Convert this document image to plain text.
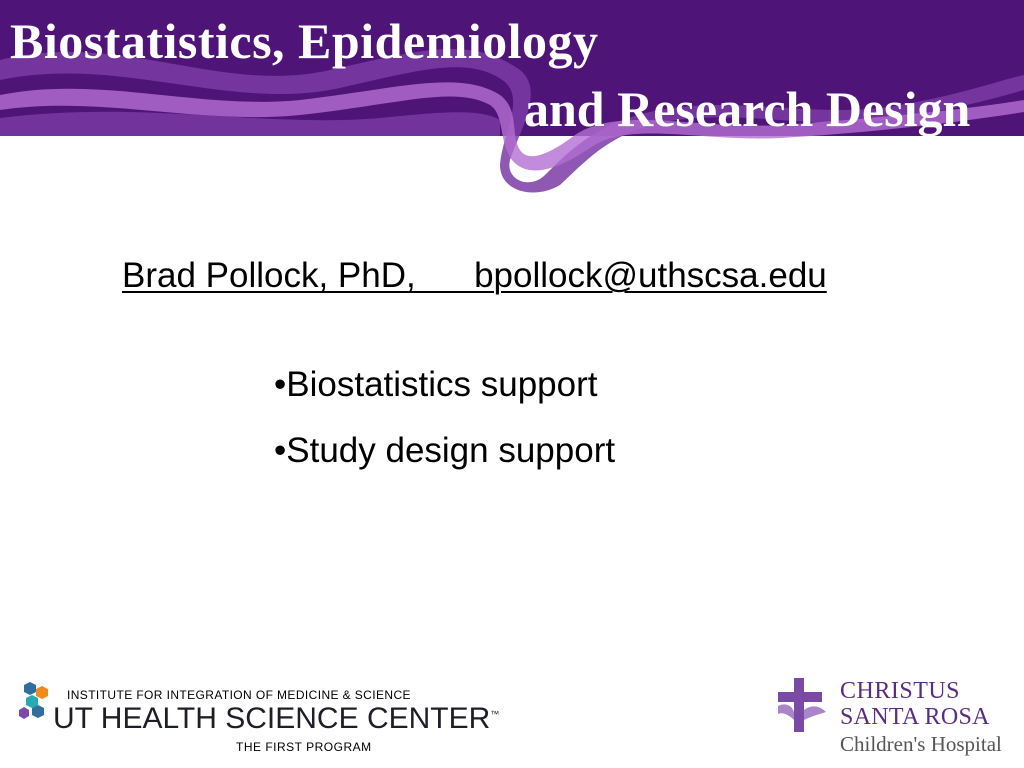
Biostatistics, Epidemiology
and Research Design
Brad Pollock, PhD,      bpollock@uthscsa.edu
•Biostatistics support
•Study design support
INSTITUTE FOR INTEGRATION OF MEDICINE & SCIENCE
UT HEALTH SCIENCE CENTER™
THE FIRST PROGRAM
CHRISTUS
SANTA ROSA
Children's Hospital
